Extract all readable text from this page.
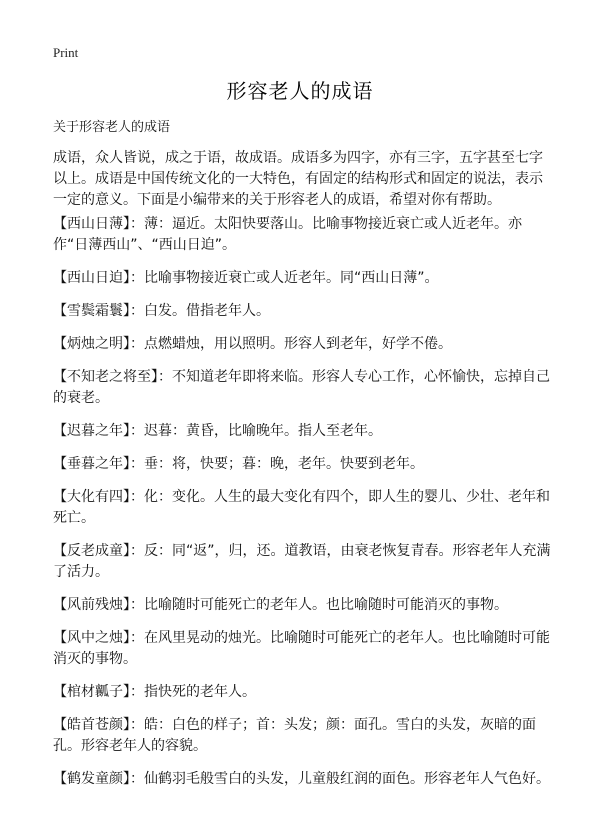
Print
形容老人的成语
关于形容老人的成语

成语，众人皆说，成之于语，故成语。成语多为四字，亦有三字，五字甚至七字以上。成语是中国传统文化的一大特色，有固定的结构形式和固定的说法，表示一定的意义。下面是小编带来的关于形容老人的成语，希望对你有帮助。

【西山日薄】：薄：逼近。太阳快要落山。比喻事物接近衰亡或人近老年。亦作“日薄西山”、“西山日迫”。

【西山日迫】：比喻事物接近衰亡或人近老年。同“西山日薄”。

【雪鬓霜鬟】：白发。借指老年人。

【炳烛之明】：点燃蜡烛，用以照明。形容人到老年，好学不倦。

【不知老之将至】：不知道老年即将来临。形容人专心工作，心怀愉快，忘掉自己的衰老。

【迟暮之年】：迟暮：黄昏，比喻晚年。指人至老年。

【垂暮之年】：垂：将，快要；暮：晚，老年。快要到老年。

【大化有四】：化：变化。人生的最大变化有四个，即人生的婴儿、少壮、老年和死亡。

【反老成童】：反：同“返”，归，还。道教语，由衰老恢复青春。形容老年人充满了活力。

【风前残烛】：比喻随时可能死亡的老年人。也比喻随时可能消灭的事物。

【风中之烛】：在风里晃动的烛光。比喻随时可能死亡的老年人。也比喻随时可能消灭的事物。

【棺材瓤子】：指快死的老年人。

【皓首苍颜】：皓：白色的样子；首：头发；颜：面孔。雪白的头发，灰暗的面孔。形容老年人的容貌。

【鹤发童颜】：仙鹤羽毛般雪白的头发，儿童般红润的面色。形容老年人气色好。
